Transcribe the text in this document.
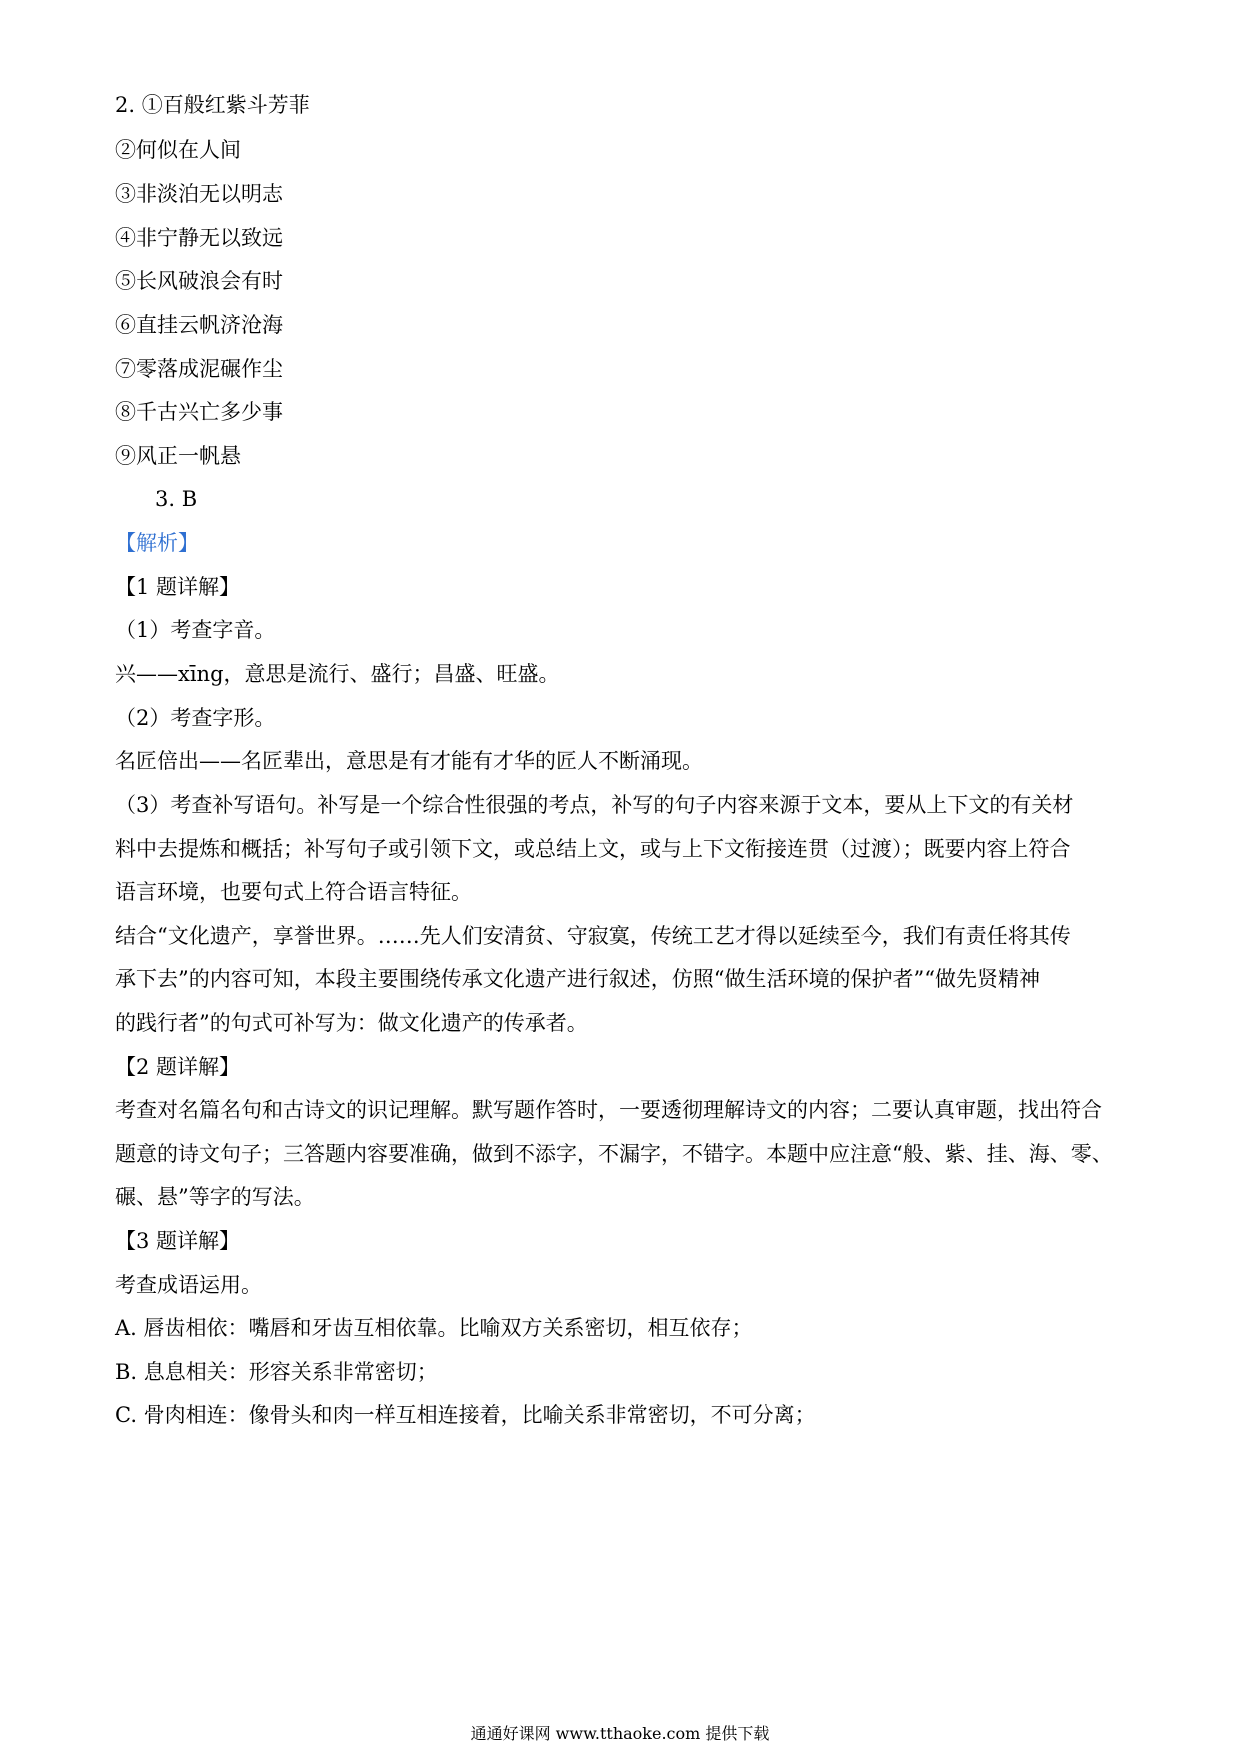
2. ①百般红紫斗芳菲
②何似在人间
③非淡泊无以明志
④非宁静无以致远
⑤长风破浪会有时
⑥直挂云帆济沧海
⑦零落成泥碾作尘
⑧千古兴亡多少事
⑨风正一帆悬
3. B
【解析】
【1 题详解】
（1）考查字音。
兴——xīng，意思是流行、盛行；昌盛、旺盛。
（2）考查字形。
名匠倍出——名匠辈出，意思是有才能有才华的匠人不断涌现。
（3）考查补写语句。补写是一个综合性很强的考点，补写的句子内容来源于文本，要从上下文的有关材
料中去提炼和概括；补写句子或引领下文，或总结上文，或与上下文衔接连贯（过渡）；既要内容上符合
语言环境，也要句式上符合语言特征。
结合“文化遗产，享誉世界。……先人们安清贫、守寂寞，传统工艺才得以延续至今，我们有责任将其传
承下去”的内容可知，本段主要围绕传承文化遗产进行叙述，仿照“做生活环境的保护者”“做先贤精神
的践行者”的句式可补写为：做文化遗产的传承者。
【2 题详解】
考查对名篇名句和古诗文的识记理解。默写题作答时，一要透彻理解诗文的内容；二要认真审题，找出符合
题意的诗文句子；三答题内容要准确，做到不添字，不漏字，不错字。本题中应注意“般、紫、挂、海、零、
碾、悬”等字的写法。
【3 题详解】
考查成语运用。
A. 唇齿相依：嘴唇和牙齿互相依靠。比喻双方关系密切，相互依存；
B. 息息相关：形容关系非常密切；
C. 骨肉相连：像骨头和肉一样互相连接着，比喻关系非常密切，不可分离；
通通好课网 www.tthaoke.com 提供下载
